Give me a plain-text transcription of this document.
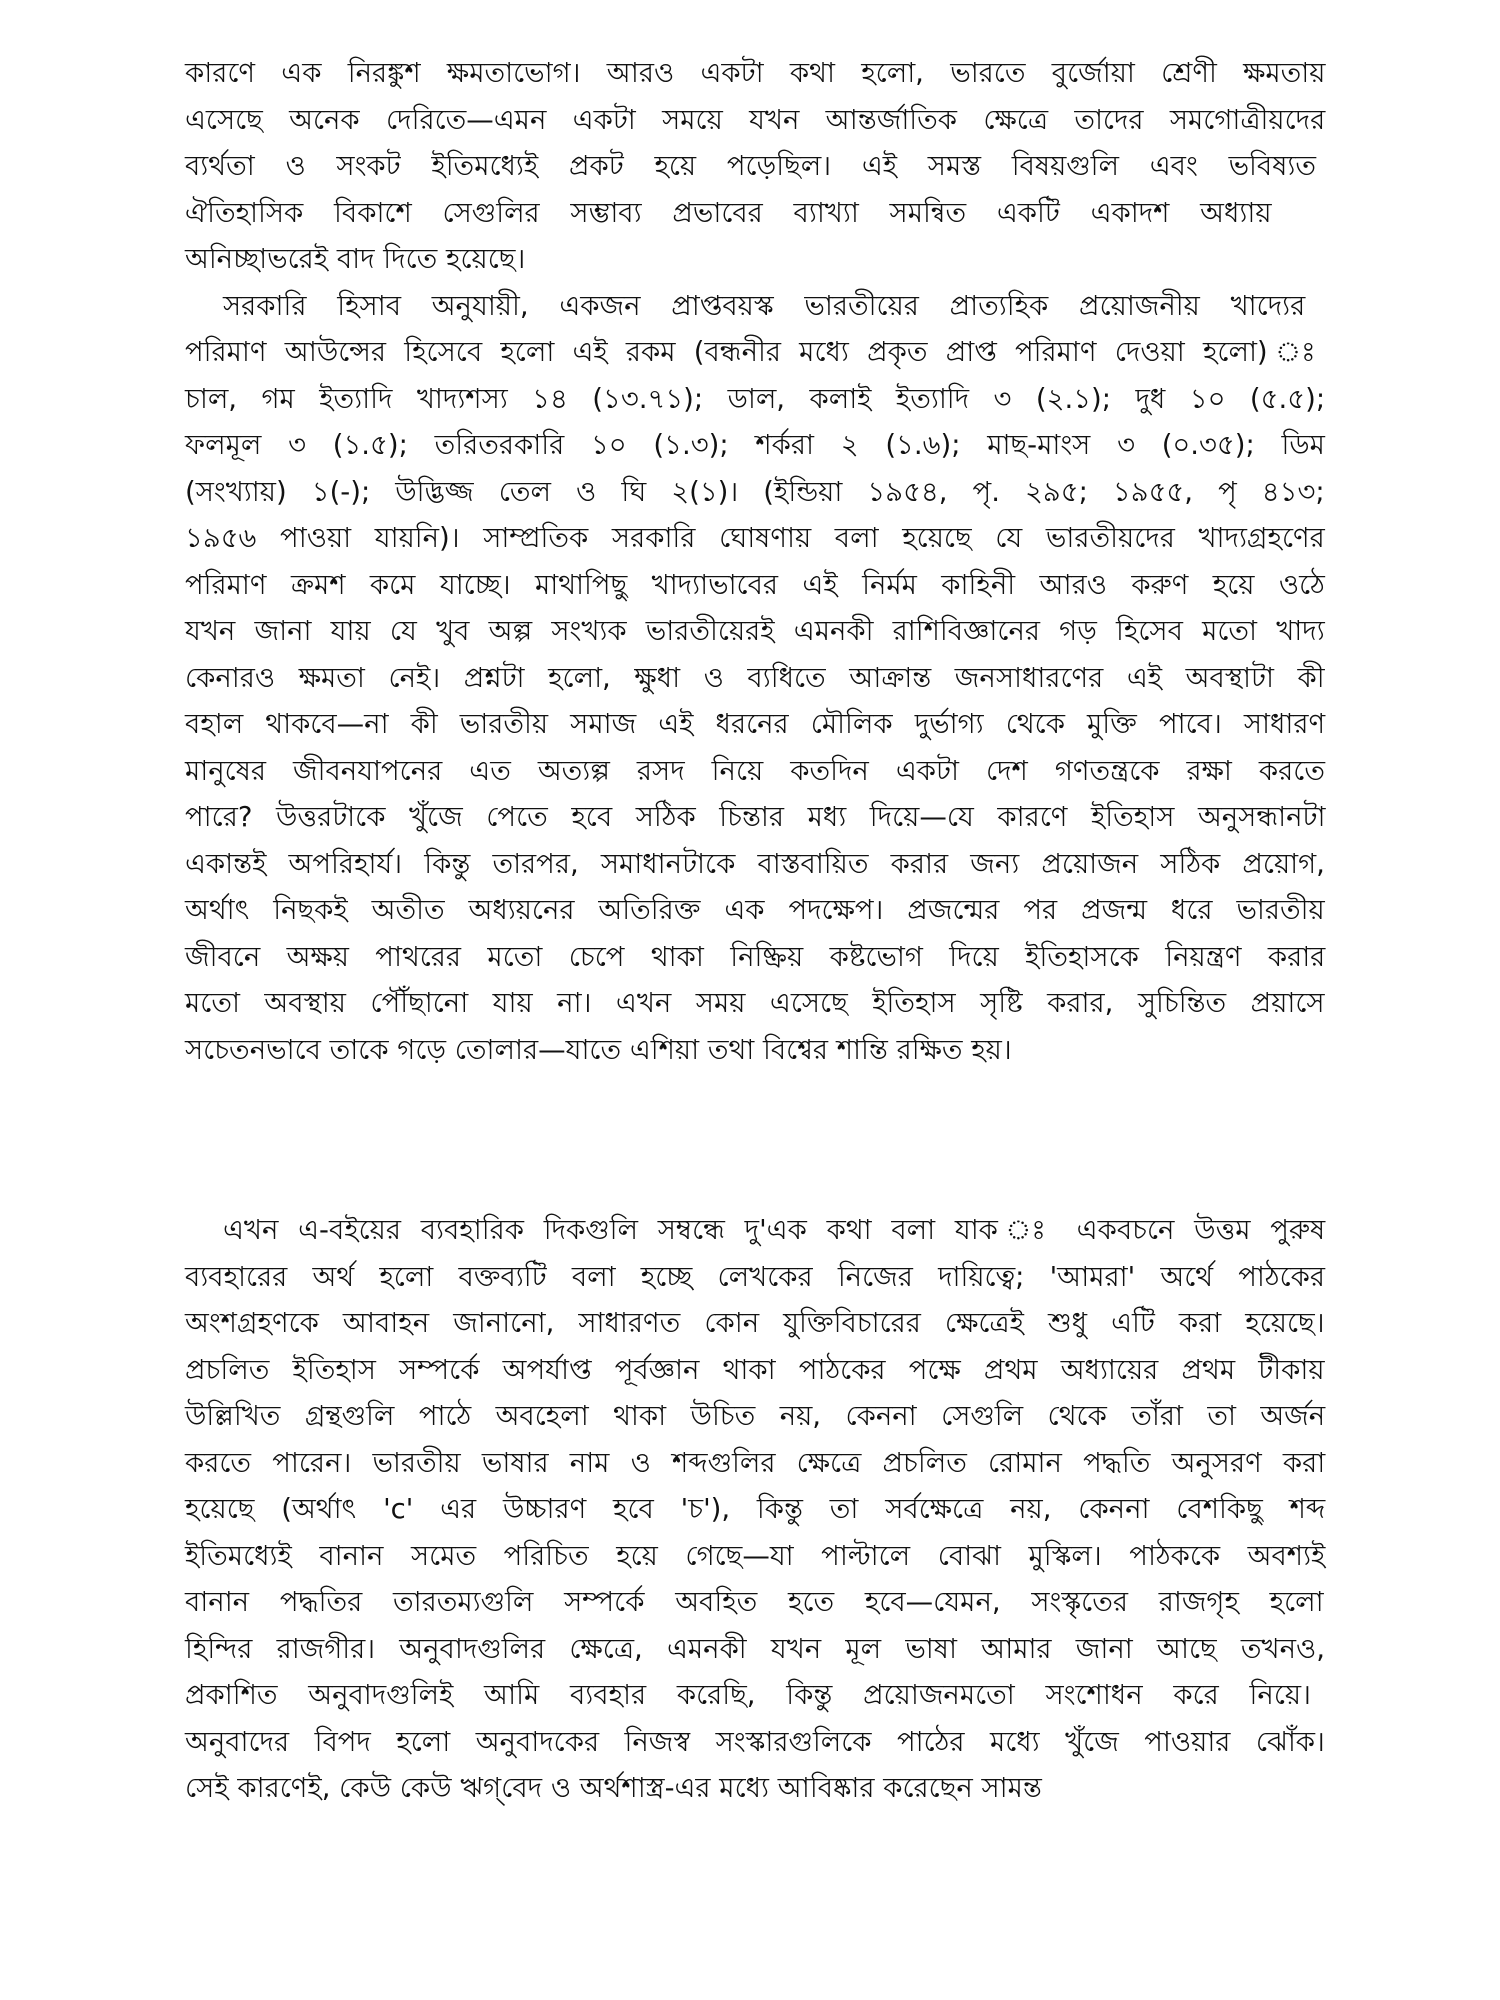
কারণে এক নিরঙ্কুশ ক্ষমতাভোগ। আরও একটা কথা হলো, ভারতে বুর্জোয়া শ্রেণী ক্ষমতায়
এসেছে অনেক দেরিতে—এমন একটা সময়ে যখন আন্তর্জাতিক ক্ষেত্রে তাদের সমগোত্রীয়দের
ব্যর্থতা ও সংকট ইতিমধ্যেই প্রকট হয়ে পড়েছিল। এই সমস্ত বিষয়গুলি এবং ভবিষ্যত
ঐতিহাসিক বিকাশে সেগুলির সম্ভাব্য প্রভাবের ব্যাখ্যা সমন্বিত একটি একাদশ অধ্যায়
অনিচ্ছাভরেই বাদ দিতে হয়েছে।
সরকারি হিসাব অনুযায়ী, একজন প্রাপ্তবয়স্ক ভারতীয়ের প্রাত্যহিক প্রয়োজনীয় খাদ্যের
পরিমাণ আউন্সের হিসেবে হলো এই রকম (বন্ধনীর মধ্যে প্রকৃত প্রাপ্ত পরিমাণ দেওয়া হলো) ঃ
চাল, গম ইত্যাদি খাদ্যশস্য ১৪ (১৩.৭১); ডাল, কলাই ইত্যাদি ৩ (২.১); দুধ ১০ (৫.৫);
ফলমূল ৩ (১.৫); তরিতরকারি ১০ (১.৩); শর্করা ২ (১.৬); মাছ-মাংস ৩ (০.৩৫); ডিম
(সংখ্যায়) ১(-); উদ্ভিজ্জ তেল ও ঘি ২(১)। (ইন্ডিয়া ১৯৫৪, পৃ. ২৯৫; ১৯৫৫, পৃ ৪১৩;
১৯৫৬ পাওয়া যায়নি)। সাম্প্রতিক সরকারি ঘোষণায় বলা হয়েছে যে ভারতীয়দের খাদ্যগ্রহণের
পরিমাণ ক্রমশ কমে যাচ্ছে। মাথাপিছু খাদ্যাভাবের এই নির্মম কাহিনী আরও করুণ হয়ে ওঠে
যখন জানা যায় যে খুব অল্প সংখ্যক ভারতীয়েরই এমনকী রাশিবিজ্ঞানের গড় হিসেব মতো খাদ্য
কেনারও ক্ষমতা নেই। প্রশ্নটা হলো, ক্ষুধা ও ব্যধিতে আক্রান্ত জনসাধারণের এই অবস্থাটা কী
বহাল থাকবে—না কী ভারতীয় সমাজ এই ধরনের মৌলিক দুর্ভাগ্য থেকে মুক্তি পাবে। সাধারণ
মানুষের জীবনযাপনের এত অত্যল্প রসদ নিয়ে কতদিন একটা দেশ গণতন্ত্রকে রক্ষা করতে
পারে? উত্তরটাকে খুঁজে পেতে হবে সঠিক চিন্তার মধ্য দিয়ে—যে কারণে ইতিহাস অনুসন্ধানটা
একান্তই অপরিহার্য। কিন্তু তারপর, সমাধানটাকে বাস্তবায়িত করার জন্য প্রয়োজন সঠিক প্রয়োগ,
অর্থাৎ নিছকই অতীত অধ্যয়নের অতিরিক্ত এক পদক্ষেপ। প্রজন্মের পর প্রজন্ম ধরে ভারতীয়
জীবনে অক্ষয় পাথরের মতো চেপে থাকা নিষ্ক্রিয় কষ্টভোগ দিয়ে ইতিহাসকে নিয়ন্ত্রণ করার
মতো অবস্থায় পৌঁছানো যায় না। এখন সময় এসেছে ইতিহাস সৃষ্টি করার, সুচিন্তিত প্রয়াসে
সচেতনভাবে তাকে গড়ে তোলার—যাতে এশিয়া তথা বিশ্বের শান্তি রক্ষিত হয়।
এখন এ-বইয়ের ব্যবহারিক দিকগুলি সম্বন্ধে দু'এক কথা বলা যাক ঃ একবচনে উত্তম পুরুষ
ব্যবহারের অর্থ হলো বক্তব্যটি বলা হচ্ছে লেখকের নিজের দায়িত্বে; 'আমরা' অর্থে পাঠকের
অংশগ্রহণকে আবাহন জানানো, সাধারণত কোন যুক্তিবিচারের ক্ষেত্রেই শুধু এটি করা হয়েছে।
প্রচলিত ইতিহাস সম্পর্কে অপর্যাপ্ত পূর্বজ্ঞান থাকা পাঠকের পক্ষে প্রথম অধ্যায়ের প্রথম টীকায়
উল্লিখিত গ্রন্থগুলি পাঠে অবহেলা থাকা উচিত নয়, কেননা সেগুলি থেকে তাঁরা তা অর্জন
করতে পারেন। ভারতীয় ভাষার নাম ও শব্দগুলির ক্ষেত্রে প্রচলিত রোমান পদ্ধতি অনুসরণ করা
হয়েছে (অর্থাৎ 'c' এর উচ্চারণ হবে 'চ'), কিন্তু তা সর্বক্ষেত্রে নয়, কেননা বেশকিছু শব্দ
ইতিমধ্যেই বানান সমেত পরিচিত হয়ে গেছে—যা পাল্টালে বোঝা মুস্কিল। পাঠককে অবশ্যই
বানান পদ্ধতির তারতম্যগুলি সম্পর্কে অবহিত হতে হবে—যেমন, সংস্কৃতের রাজগৃহ হলো
হিন্দির রাজগীর। অনুবাদগুলির ক্ষেত্রে, এমনকী যখন মূল ভাষা আমার জানা আছে তখনও,
প্রকাশিত অনুবাদগুলিই আমি ব্যবহার করেছি, কিন্তু প্রয়োজনমতো সংশোধন করে নিয়ে।
অনুবাদের বিপদ হলো অনুবাদকের নিজস্ব সংস্কারগুলিকে পাঠের মধ্যে খুঁজে পাওয়ার ঝোঁক।
সেই কারণেই, কেউ কেউ ঋগ্‌বেদ ও অর্থশাস্ত্র-এর মধ্যে আবিষ্কার করেছেন সামন্ত
